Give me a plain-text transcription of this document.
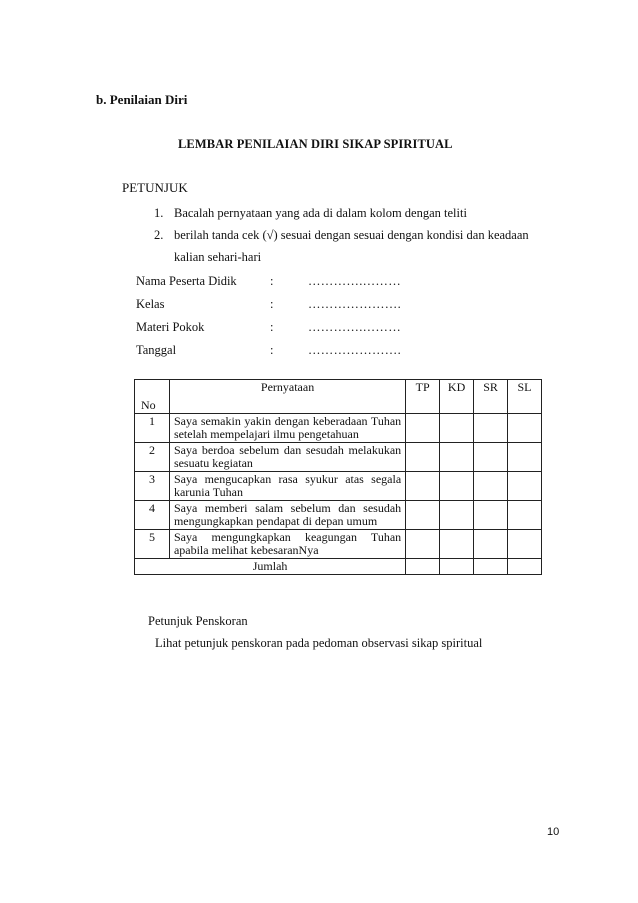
b. Penilaian Diri
LEMBAR PENILAIAN DIRI SIKAP SPIRITUAL
PETUNJUK
1. Bacalah pernyataan yang ada di dalam kolom dengan teliti
2. berilah tanda cek (√) sesuai dengan sesuai dengan kondisi dan keadaan
kalian sehari-hari
Nama Peserta Didik	:	………….………
Kelas	:	………………….
Materi Pokok	:	………….………
Tanggal	:	………………….
No	Pernyataan	TP	KD	SR	SL
1	Saya semakin yakin dengan keberadaan Tuhan setelah mempelajari ilmu pengetahuan				
2	Saya berdoa sebelum dan sesudah melakukan sesuatu kegiatan				
3	Saya mengucapkan rasa syukur atas segala karunia Tuhan				
4	Saya memberi salam sebelum dan sesudah mengungkapkan pendapat di depan umum				
5	Saya mengungkapkan keagungan Tuhan apabila melihat kebesaranNya				
Jumlah					
Petunjuk Penskoran
Lihat petunjuk penskoran pada pedoman observasi sikap spiritual
10
